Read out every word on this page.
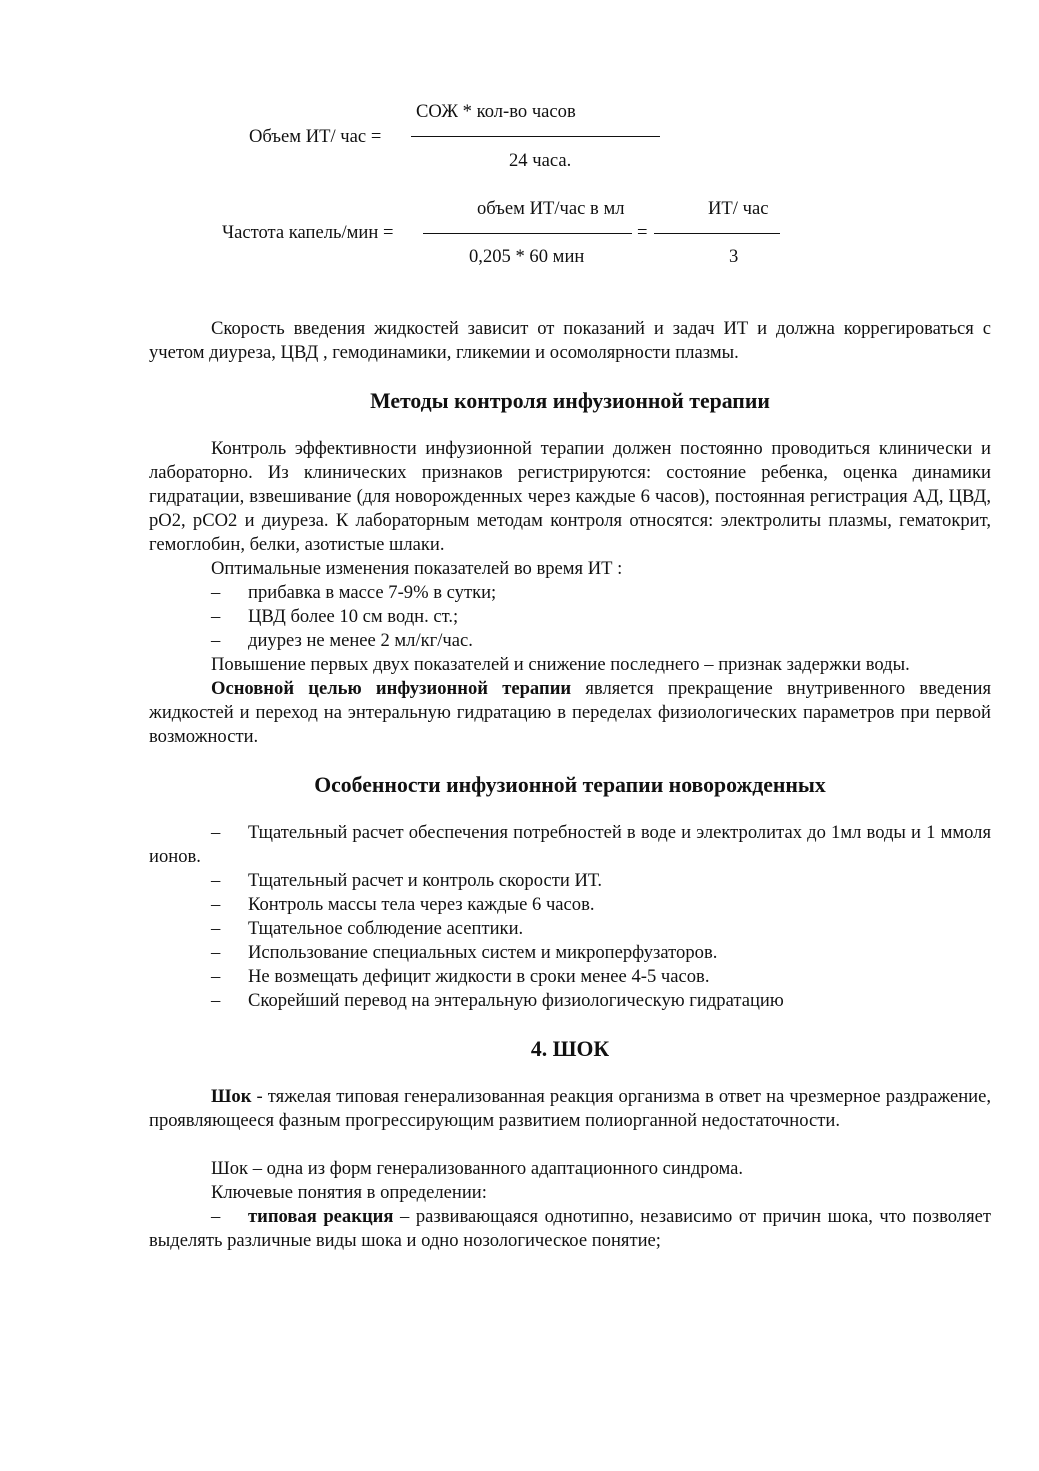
СОЖ * кол-во часов
Объем ИТ/ час =
24 часа.
объем ИТ/час в мл	ИТ/ час
Частота капель/мин =	=
0,205 * 60 мин	3

Скорость введения жидкостей зависит от показаний и задач ИТ и должна коррегироваться с учетом диуреза, ЦВД , гемодинамики, гликемии и осомолярности плазмы.

Методы контроля инфузионной терапии

Контроль эффективности инфузионной терапии должен постоянно проводиться клинически и лабораторно. Из клинических признаков регистрируются: состояние ребенка, оценка динамики гидратации, взвешивание (для новорожденных через каждые 6 часов), постоянная регистрация АД, ЦВД, рО2, рСО2 и диуреза. К лабораторным методам контроля относятся: электролиты плазмы, гематокрит, гемоглобин, белки, азотистые шлаки.

Оптимальные изменения показателей во время ИТ :

–	прибавка в массе 7-9% в сутки;
–	ЦВД более 10 см водн. ст.;
–	диурез не менее 2 мл/кг/час.

Повышение первых двух показателей и снижение последнего – признак задержки воды.

Основной целью инфузионной терапии является прекращение внутривенного введения жидкостей и переход на энтеральную гидратацию в переделах физиологических параметров при первой возможности.

Особенности инфузионной терапии новорожденных

– Тщательный расчет обеспечения потребностей в воде и электролитах до 1мл воды и 1 ммоля ионов.

–	Тщательный расчет и контроль скорости ИТ.
–	Контроль массы тела через каждые 6 часов.
–	Тщательное соблюдение асептики.
–	Использование специальных систем и микроперфузаторов.
–	Не возмещать дефицит жидкости в сроки менее 4-5 часов.
–	Скорейший перевод на энтеральную физиологическую гидратацию
4. ШОК

Шок - тяжелая типовая генерализованная реакция организма в ответ на чрезмерное раздражение, проявляющееся фазным прогрессирующим развитием полиорганной недостаточности.

Шок – одна из форм генерализованного адаптационного синдрома.

Ключевые понятия в определении:

– типовая реакция – развивающаяся однотипно, независимо от причин шока, что позволяет выделять различные виды шока и одно нозологическое понятие;
